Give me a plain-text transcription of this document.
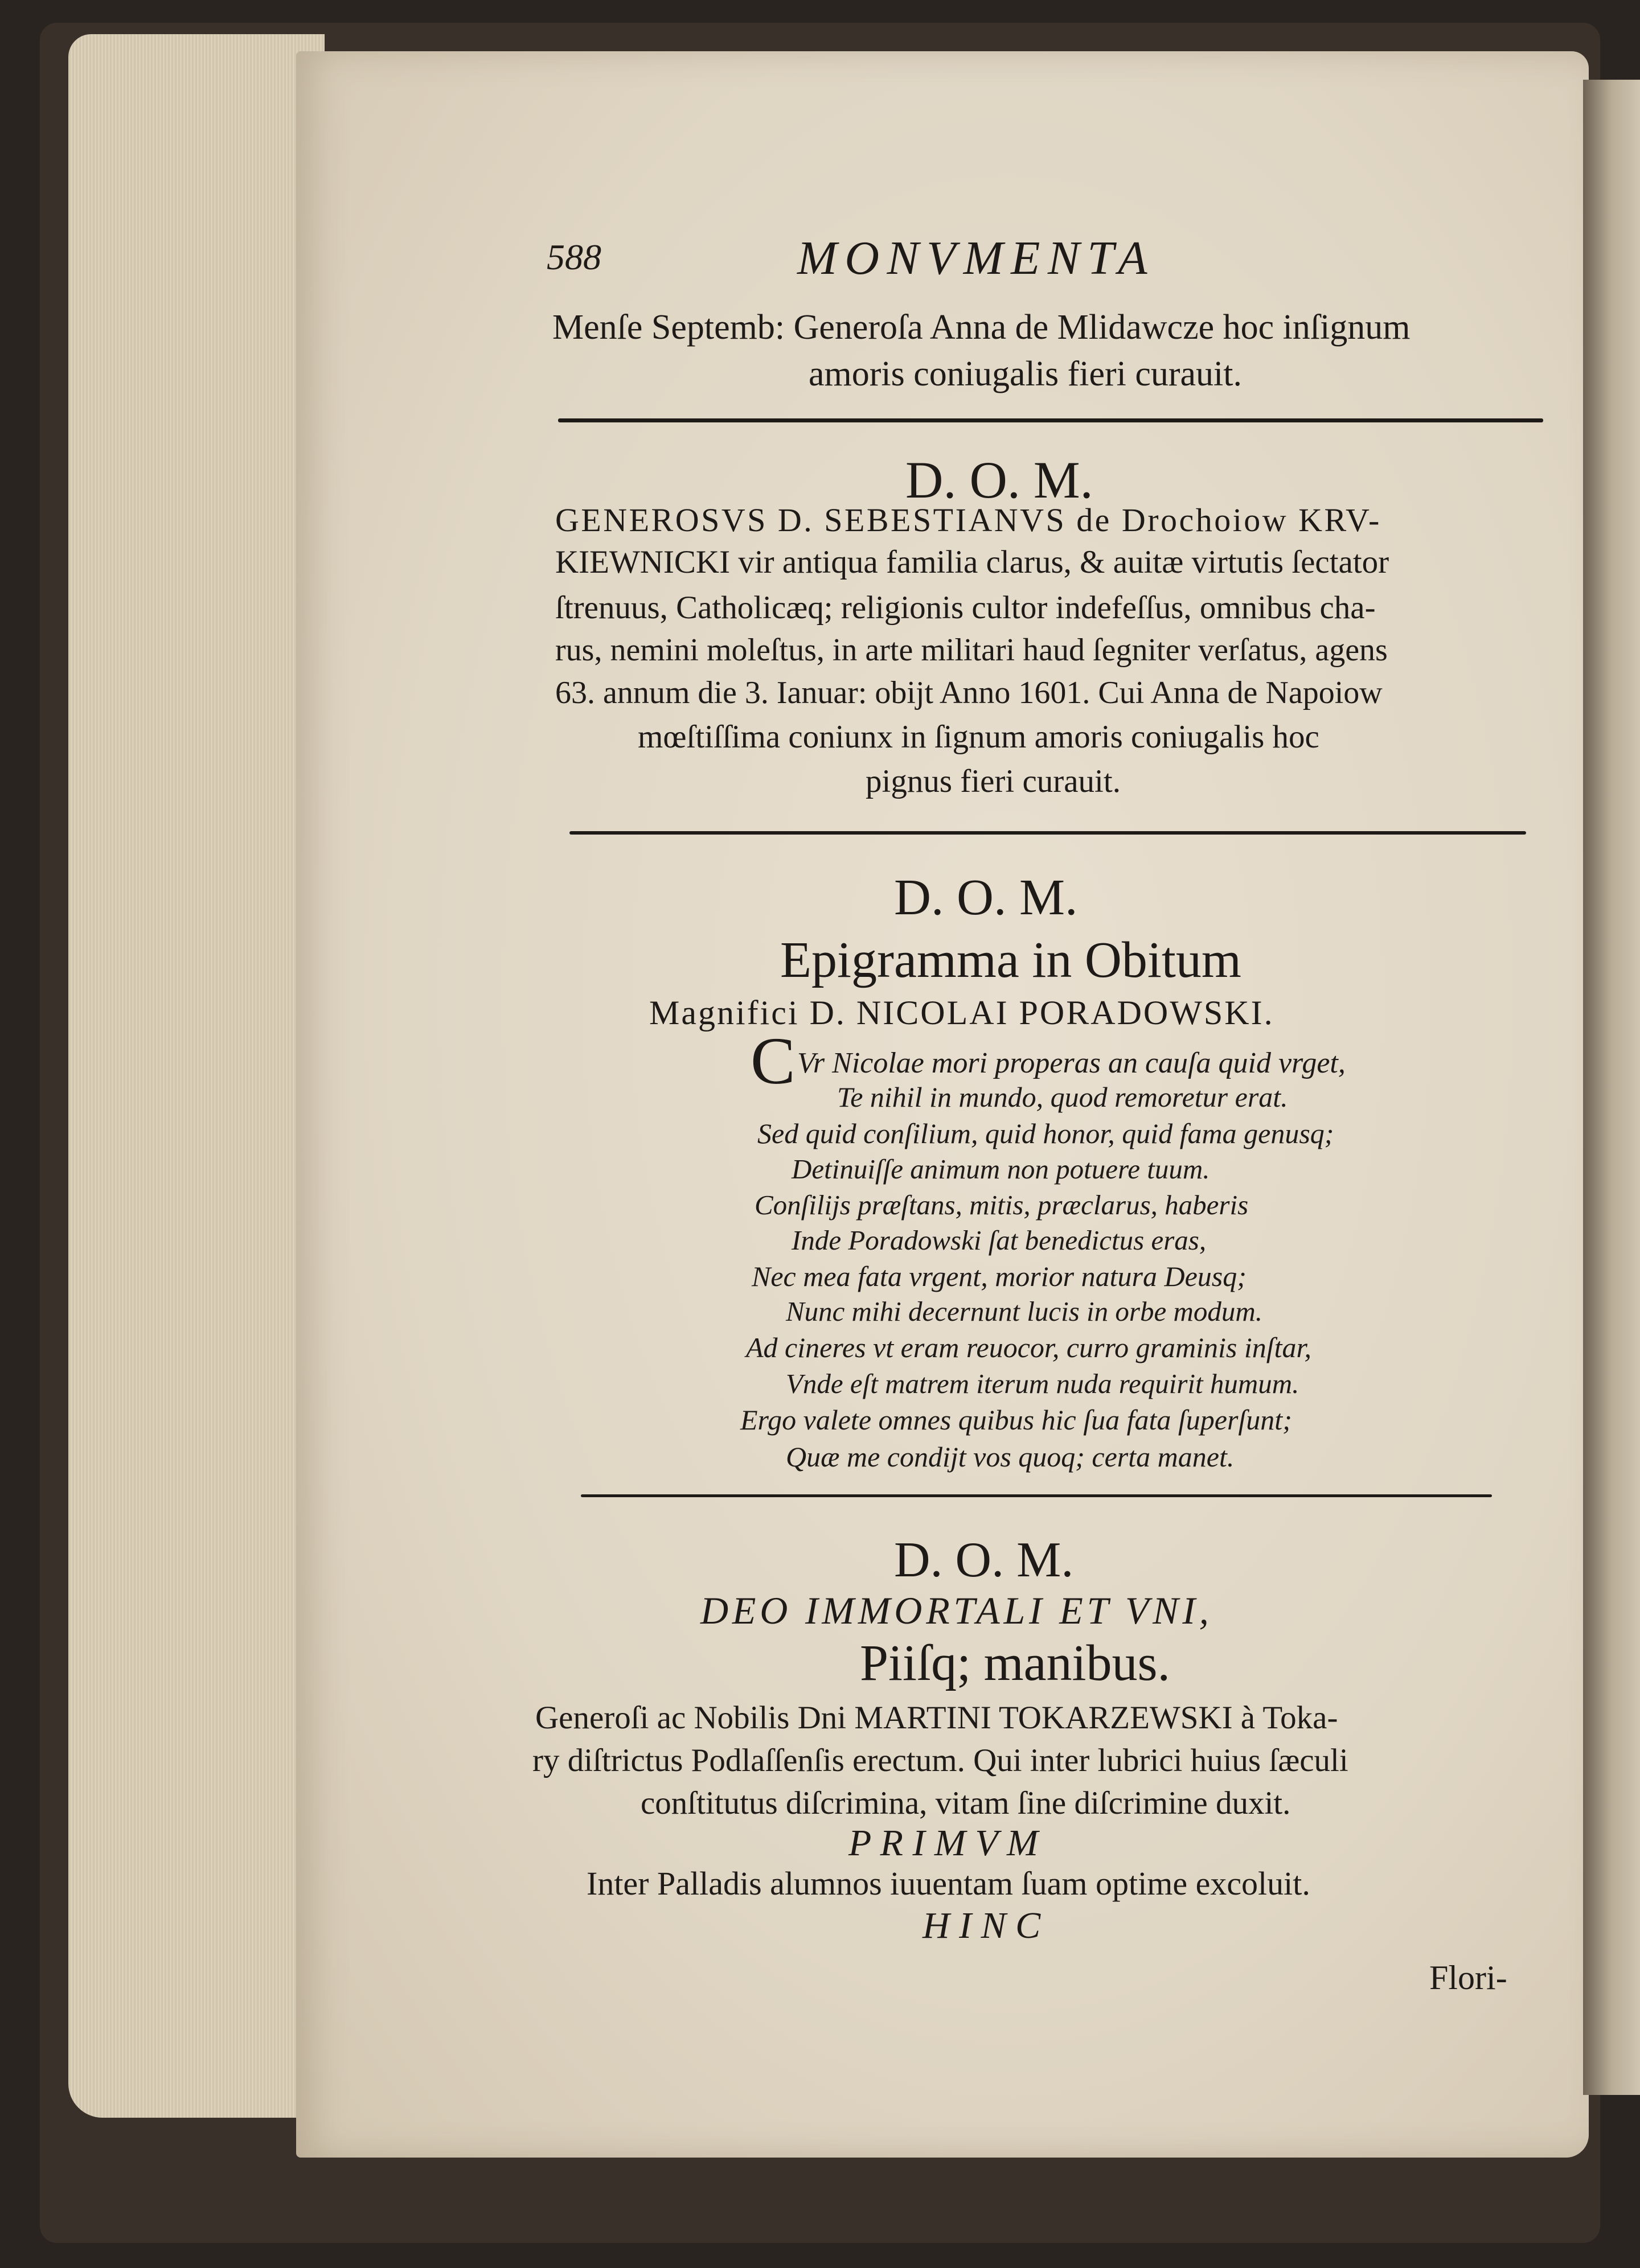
588	MONVMENTA
Menſe Septemb: Generoſa Anna de Mlidawcze hoc inſignum
amoris coniugalis fieri curauit.
D. O. M.
GENEROSVS D. SEBESTIANVS de Drochoiow KRV-
KIEWNICKI vir antiqua familia clarus, & auitæ virtutis ſectator
ſtrenuus, Catholicæq; religionis cultor indefeſſus, omnibus cha-
rus, nemini moleſtus, in arte militari haud ſegniter verſatus, agens
63. annum die 3. Ianuar: obijt Anno 1601. Cui Anna de Napoiow
mœſtiſſima coniunx in ſignum amoris coniugalis hoc
pignus fieri curauit.
D. O. M.
Epigramma in Obitum
Magnifici D. NICOLAI PORADOWSKI.
C Vr Nicolae mori properas an cauſa quid vrget,
Te nihil in mundo, quod remoretur erat.
Sed quid conſilium, quid honor, quid fama genusq;
Detinuiſſe animum non potuere tuum.
Conſilijs præſtans, mitis, præclarus, haberis
Inde Poradowski ſat benedictus eras,
Nec mea fata vrgent, morior natura Deusq;
Nunc mihi decernunt lucis in orbe modum.
Ad cineres vt eram reuocor, curro graminis inſtar,
Vnde eſt matrem iterum nuda requirit humum.
Ergo valete omnes quibus hic ſua fata ſuperſunt;
Quæ me condijt vos quoq; certa manet.
D. O. M.
DEO IMMORTALI ET VNI,
Piiſq; manibus.
Generoſi ac Nobilis Dni MARTINI TOKARZEWSKI à Toka-
ry diſtrictus Podlaſſenſis erectum. Qui inter lubrici huius ſæculi
conſtitutus diſcrimina, vitam ſine diſcrimine duxit.
P R I M V M
Inter Palladis alumnos iuuentam ſuam optime excoluit.
H I N C
Flori-
